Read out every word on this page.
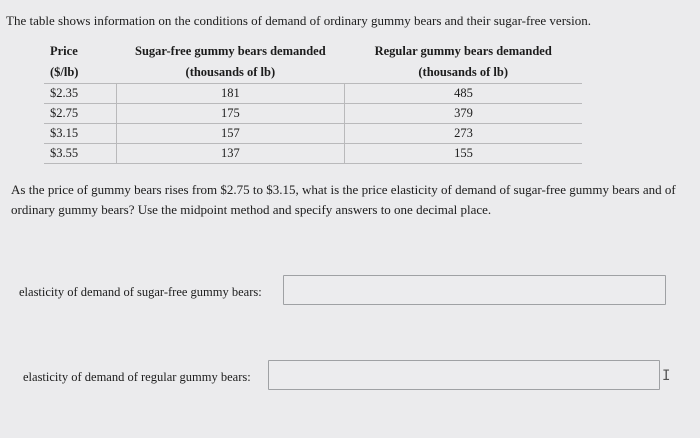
The table shows information on the conditions of demand of ordinary gummy bears and their sugar-free version.
Price	Sugar-free gummy bears demanded	Regular gummy bears demanded
($/lb)	(thousands of lb)	(thousands of lb)
$2.35	181	485
$2.75	175	379
$3.15	157	273
$3.55	137	155
As the price of gummy bears rises from $2.75 to $3.15, what is the price elasticity of demand of sugar-free gummy bears and of ordinary gummy bears? Use the midpoint method and specify answers to one decimal place.
elasticity of demand of sugar-free gummy bears:
elasticity of demand of regular gummy bears:	I
